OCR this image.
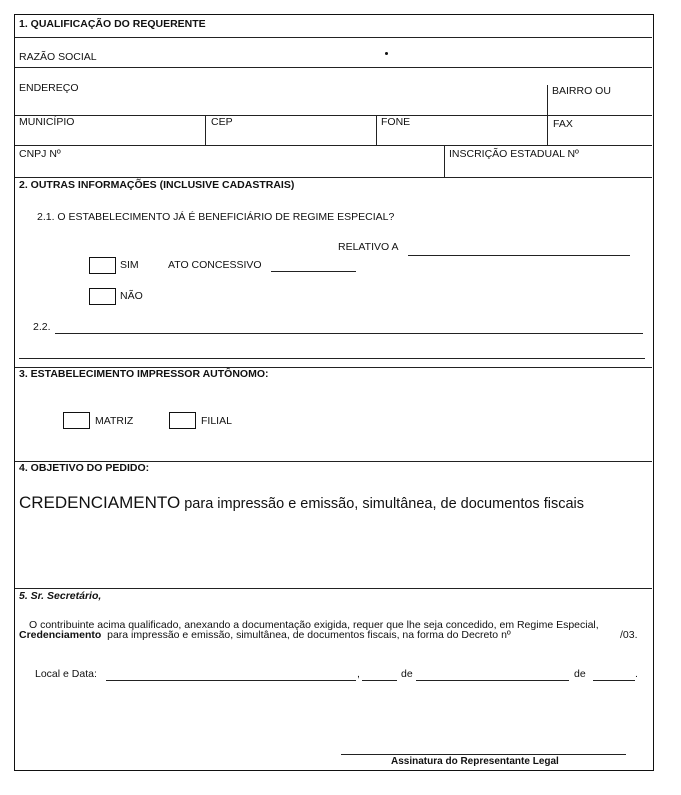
1. QUALIFICAÇÃO DO REQUERENTE
RAZÃO SOCIAL
ENDEREÇO	BAIRRO OU
MUNICÍPIO	CEP	FONE	FAX
CNPJ Nº	INSCRIÇÃO ESTADUAL Nº
2. OUTRAS INFORMAÇÕES (INCLUSIVE CADASTRAIS)
2.1. O ESTABELECIMENTO JÁ É BENEFICIÁRIO DE REGIME ESPECIAL?
RELATIVO A
SIM	ATO CONCESSIVO
NÃO
2.2.
3. ESTABELECIMENTO IMPRESSOR AUTÔNOMO:
MATRIZ	FILIAL
4. OBJETIVO DO PEDIDO:
CREDENCIAMENTO para impressão e emissão, simultânea, de documentos fiscais
5. Sr. Secretário,
O contribuinte acima qualificado, anexando a documentação exigida, requer que lhe seja concedido, em Regime Especial,
Credenciamento para impressão e emissão, simultânea, de documentos fiscais, na forma do Decreto nº	/03.
Local e Data:	,	de	de	.
Assinatura do Representante Legal
